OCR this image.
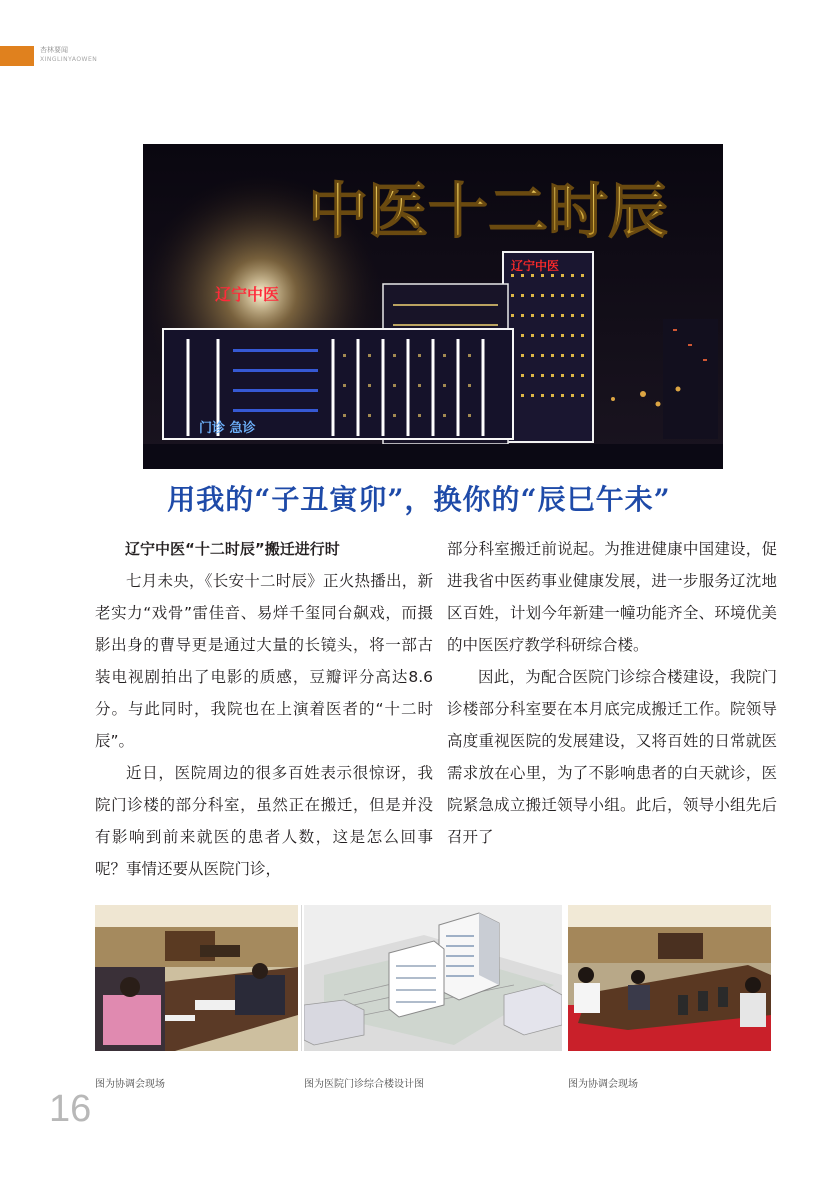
杏林要闻
XINGLINYAOWEN
辽宁中医
辽宁中医
门诊 急诊
中医十二时辰
用我的“子丑寅卯”，换你的“辰巳午未”

辽宁中医“十二时辰”搬迁进行时

七月未央，《长安十二时辰》正火热播出，新老实力“戏骨”雷佳音、易烊千玺同台飙戏，而摄影出身的曹导更是通过大量的长镜头，将一部古装电视剧拍出了电影的质感，豆瓣评分高达8.6分。与此同时，我院也在上演着医者的“十二时辰”。

近日，医院周边的很多百姓表示很惊讶，我院门诊楼的部分科室，虽然正在搬迁，但是并没有影响到前来就医的患者人数，这是怎么回事呢？事情还要从医院门诊，

部分科室搬迁前说起。为推进健康中国建设，促进我省中医药事业健康发展，进一步服务辽沈地区百姓，计划今年新建一幢功能齐全、环境优美的中医医疗教学科研综合楼。

因此，为配合医院门诊综合楼建设，我院门诊楼部分科室要在本月底完成搬迁工作。院领导高度重视医院的发展建设，又将百姓的日常就医需求放在心里，为了不影响患者的白天就诊，医院紧急成立搬迁领导小组。此后，领导小组先后召开了

图为协调会现场	图为医院门诊综合楼设计图	图为协调会现场
16
